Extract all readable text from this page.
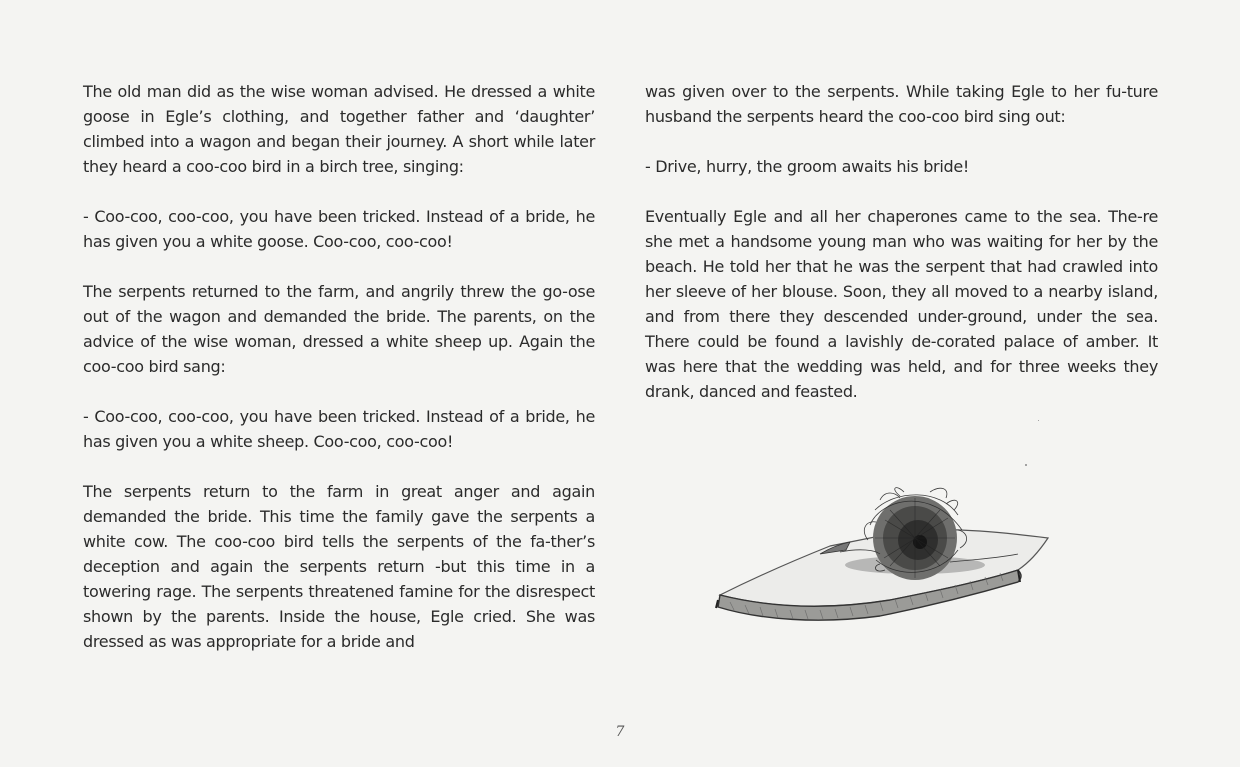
The old man did as the wise woman advised. He dressed a white goose in Egle’s clothing, and together father and ‘daughter’ climbed into a wagon and began their journey. A short while later they heard a coo-coo bird in a birch tree, singing:

- Coo-coo, coo-coo, you have been tricked. Instead of a bride, he has given you a white goose. Coo-coo, coo-coo!

The serpents returned to the farm, and angrily threw the go-ose out of the wagon and demanded the bride. The parents, on the advice of the wise woman, dressed a white sheep up. Again the coo-coo bird sang:

- Coo-coo, coo-coo, you have been tricked. Instead of a bride, he has given you a white sheep. Coo-coo, coo-coo!

The serpents return to the farm in great anger and again demanded the bride. This time the family gave the serpents a white cow. The coo-coo bird tells the serpents of the fa-ther’s deception and again the serpents return -but this time in a towering rage. The serpents threatened famine for the disrespect shown by the parents. Inside the house, Egle cried. She was dressed as was appropriate for a bride and

was given over to the serpents. While taking Egle to her fu-ture husband the serpents heard the coo-coo bird sing out:

- Drive, hurry, the groom awaits his bride!

Eventually Egle and all her chaperones came to the sea. The-re she met a handsome young man who was waiting for her by the beach. He told her that he was the serpent that had crawled into her sleeve of her blouse. Soon, they all moved to a nearby island, and from there they descended under-ground, under the sea. There could be found a lavishly de-corated palace of amber. It was here that the wedding was held, and for three weeks they drank, danced and feasted.

7
